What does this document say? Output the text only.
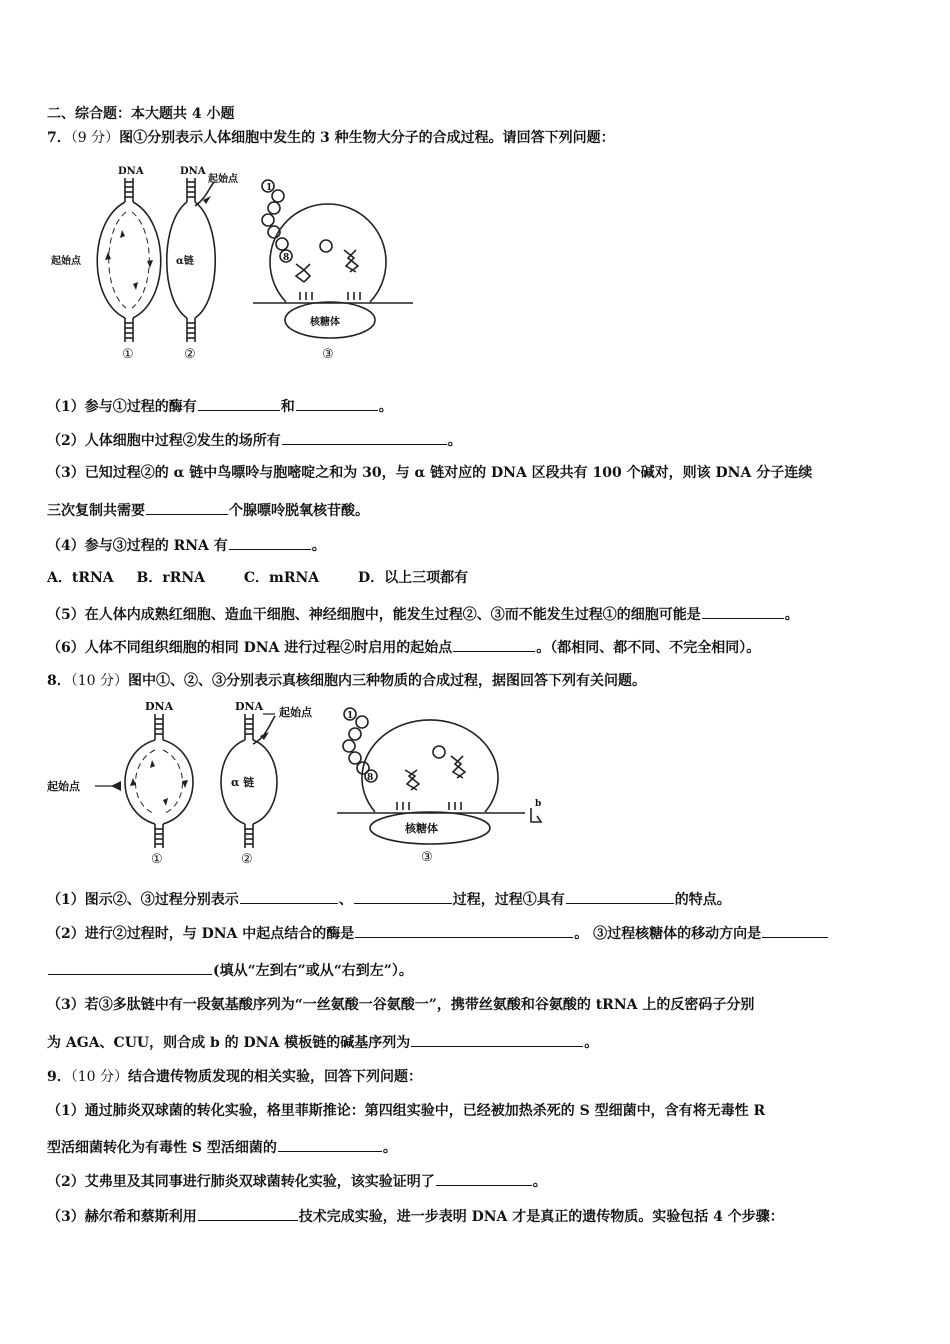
二、综合题：本大题共 4 小题
7．（9 分）图①分别表示人体细胞中发生的 3 种生物大分子的合成过程。请回答下列问题：
DNA	DNA
起始点
起始点	α链
核糖体
1
8
①	②	③
（1）参与①过程的酶有	和	。
（2）人体细胞中过程②发生的场所有	。
（3）已知过程②的 α 链中鸟嘌呤与胞嘧啶之和为 30，与 α 链对应的 DNA 区段共有 100 个碱对，则该 DNA 分子连续
三次复制共需要	个腺嘌呤脱氧核苷酸。
（4）参与③过程的 RNA 有	。
A．tRNA B．rRNA	C．mRNA	D．以上三项都有
（5）在人体内成熟红细胞、造血干细胞、神经细胞中，能发生过程②、③而不能发生过程①的细胞可能是	。
（6）人体不同组织细胞的相同 DNA 进行过程②时启用的起始点	。（都相同、都不同、不完全相同）。
8．（10 分）图中①、②、③分别表示真核细胞内三种物质的合成过程，据图回答下列有关问题。
DNA	DNA 起始点
起始点	α 链
核糖体
1
8
b
①	②	③
（1）图示②、③过程分别表示	、	过程，过程①具有	的特点。
（2）进行②过程时，与 DNA 中起点结合的酶是	。 ③过程核糖体的移动方向是
(填从“左到右”或从“右到左”）。
（3）若③多肽链中有一段氨基酸序列为“一丝氨酸一谷氨酸一”，携带丝氨酸和谷氨酸的 tRNA 上的反密码子分别
为 AGA、CUU，则合成 b 的 DNA 模板链的碱基序列为	。
9．（10 分）结合遗传物质发现的相关实验，回答下列问题：
（1）通过肺炎双球菌的转化实验，格里菲斯推论：第四组实验中，已经被加热杀死的 S 型细菌中，含有将无毒性 R
型活细菌转化为有毒性 S 型活细菌的	。
（2）艾弗里及其同事进行肺炎双球菌转化实验，该实验证明了	。
（3）赫尔希和蔡斯利用	技术完成实验，进一步表明 DNA 才是真正的遗传物质。实验包括 4 个步骤：
